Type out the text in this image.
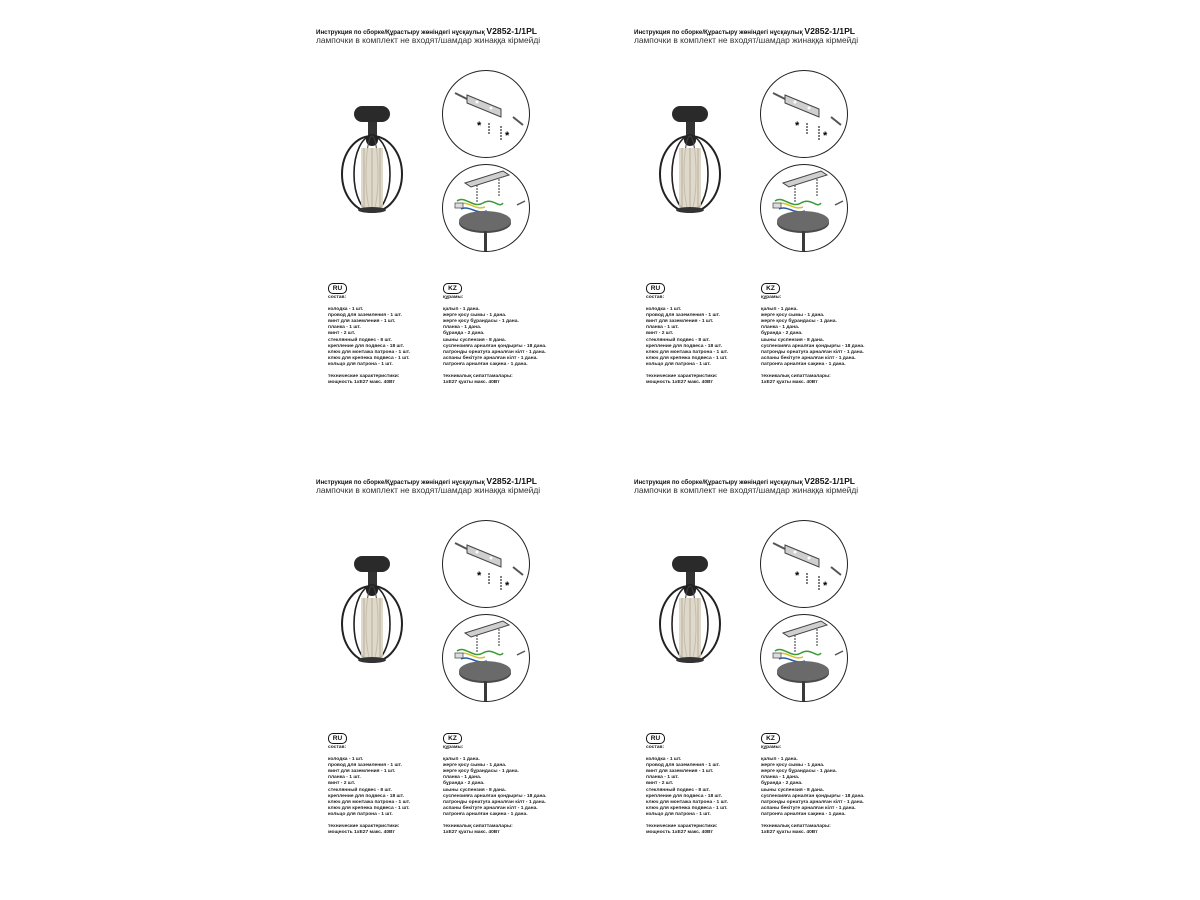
Инструкция по сборке/Құрастыру жөніндегі нұсқаулық V2852-1/1PL
лампочки в комплект не входят/шамдар жинаққа кірмейді
*
*
RU	KZ
состав:
колодка - 1 шт.
провод для заземления - 1 шт.
винт для заземления - 1 шт.
планка - 1 шт.
винт - 2 шт.
стеклянный подвес - 8 шт.
крепление для подвеса - 18 шт.
ключ для монтажа патрона - 1 шт.
ключ для крепежа подвеса - 1 шт.
кольцо для патрона - 1 шт.
технические характеристики:
мощность 1хE27 макс. 40Вт
құрамы:
қалып - 1 дана.
жерге қосу сымы - 1 дана.
жерге қосу бұрандасы - 1 дана.
планка - 1 дана.
бұранда - 2 дана.
шыны суспензия - 8 дана.
суспензияға арналған қондырғы - 18 дана.
патронды орнатуға арналған кілт - 1 дана.
аспаны бекітуге арналған кілт - 1 дана.
патронға арналған сақина - 1 дана.
техникалық сипаттамалары:
1хE27 қуаты макс. 40Вт
Инструкция по сборке/Құрастыру жөніндегі нұсқаулық V2852-1/1PL
лампочки в комплект не входят/шамдар жинаққа кірмейді
*
*
RU	KZ
состав:
колодка - 1 шт.
провод для заземления - 1 шт.
винт для заземления - 1 шт.
планка - 1 шт.
винт - 2 шт.
стеклянный подвес - 8 шт.
крепление для подвеса - 18 шт.
ключ для монтажа патрона - 1 шт.
ключ для крепежа подвеса - 1 шт.
кольцо для патрона - 1 шт.
технические характеристики:
мощность 1хE27 макс. 40Вт
құрамы:
қалып - 1 дана.
жерге қосу сымы - 1 дана.
жерге қосу бұрандасы - 1 дана.
планка - 1 дана.
бұранда - 2 дана.
шыны суспензия - 8 дана.
суспензияға арналған қондырғы - 18 дана.
патронды орнатуға арналған кілт - 1 дана.
аспаны бекітуге арналған кілт - 1 дана.
патронға арналған сақина - 1 дана.
техникалық сипаттамалары:
1хE27 қуаты макс. 40Вт
Инструкция по сборке/Құрастыру жөніндегі нұсқаулық V2852-1/1PL
лампочки в комплект не входят/шамдар жинаққа кірмейді
*
*
RU	KZ
состав:
колодка - 1 шт.
провод для заземления - 1 шт.
винт для заземления - 1 шт.
планка - 1 шт.
винт - 2 шт.
стеклянный подвес - 8 шт.
крепление для подвеса - 18 шт.
ключ для монтажа патрона - 1 шт.
ключ для крепежа подвеса - 1 шт.
кольцо для патрона - 1 шт.
технические характеристики:
мощность 1хE27 макс. 40Вт
құрамы:
қалып - 1 дана.
жерге қосу сымы - 1 дана.
жерге қосу бұрандасы - 1 дана.
планка - 1 дана.
бұранда - 2 дана.
шыны суспензия - 8 дана.
суспензияға арналған қондырғы - 18 дана.
патронды орнатуға арналған кілт - 1 дана.
аспаны бекітуге арналған кілт - 1 дана.
патронға арналған сақина - 1 дана.
техникалық сипаттамалары:
1хE27 қуаты макс. 40Вт
Инструкция по сборке/Құрастыру жөніндегі нұсқаулық V2852-1/1PL
лампочки в комплект не входят/шамдар жинаққа кірмейді
*
*
RU	KZ
состав:
колодка - 1 шт.
провод для заземления - 1 шт.
винт для заземления - 1 шт.
планка - 1 шт.
винт - 2 шт.
стеклянный подвес - 8 шт.
крепление для подвеса - 18 шт.
ключ для монтажа патрона - 1 шт.
ключ для крепежа подвеса - 1 шт.
кольцо для патрона - 1 шт.
технические характеристики:
мощность 1хE27 макс. 40Вт
құрамы:
қалып - 1 дана.
жерге қосу сымы - 1 дана.
жерге қосу бұрандасы - 1 дана.
планка - 1 дана.
бұранда - 2 дана.
шыны суспензия - 8 дана.
суспензияға арналған қондырғы - 18 дана.
патронды орнатуға арналған кілт - 1 дана.
аспаны бекітуге арналған кілт - 1 дана.
патронға арналған сақина - 1 дана.
техникалық сипаттамалары:
1хE27 қуаты макс. 40Вт
